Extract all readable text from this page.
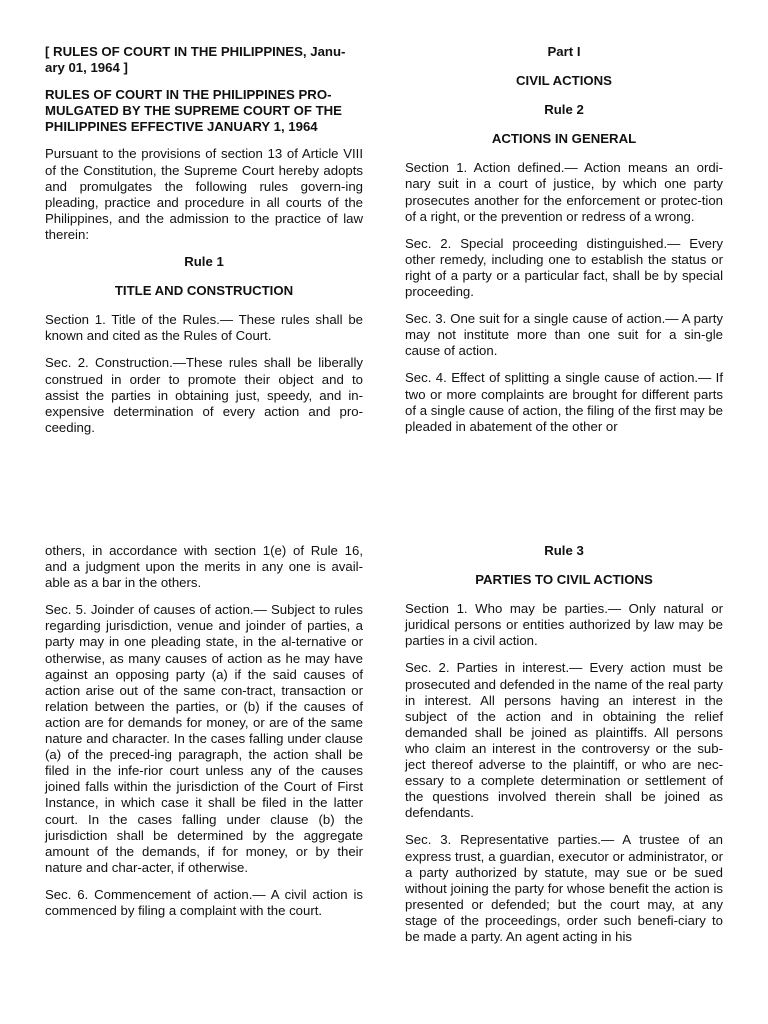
[ RULES OF COURT IN THE PHILIPPINES, Janu-ary 01, 1964 ]

RULES OF COURT IN THE PHILIPPINES PRO-MULGATED BY THE SUPREME COURT OF THE PHILIPPINES EFFECTIVE JANUARY 1, 1964

Pursuant to the provisions of section 13 of Article VIII of the Constitution, the Supreme Court hereby adopts and promulgates the following rules govern-ing pleading, practice and procedure in all courts of the Philippines, and the admission to the practice of law therein:

Rule 1

TITLE AND CONSTRUCTION

Section 1. Title of the Rules.— These rules shall be known and cited as the Rules of Court.

Sec. 2. Construction.—These rules shall be liberally construed in order to promote their object and to assist the parties in obtaining just, speedy, and in-expensive determination of every action and pro-ceeding.

Part I

CIVIL ACTIONS

Rule 2

ACTIONS IN GENERAL

Section 1. Action defined.— Action means an ordi-nary suit in a court of justice, by which one party prosecutes another for the enforcement or protec-tion of a right, or the prevention or redress of a wrong.

Sec. 2. Special proceeding distinguished.— Every other remedy, including one to establish the status or right of a party or a particular fact, shall be by special proceeding.

Sec. 3. One suit for a single cause of action.— A party may not institute more than one suit for a sin-gle cause of action.

Sec. 4. Effect of splitting a single cause of action.— If two or more complaints are brought for different parts of a single cause of action, the filing of the first may be pleaded in abatement of the other or

others, in accordance with section 1(e) of Rule 16, and a judgment upon the merits in any one is avail-able as a bar in the others.

Sec. 5. Joinder of causes of action.— Subject to rules regarding jurisdiction, venue and joinder of parties, a party may in one pleading state, in the al-ternative or otherwise, as many causes of action as he may have against an opposing party (a) if the said causes of action arise out of the same con-tract, transaction or relation between the parties, or (b) if the causes of action are for demands for money, or are of the same nature and character. In the cases falling under clause (a) of the preced-ing paragraph, the action shall be filed in the infe-rior court unless any of the causes joined falls within the jurisdiction of the Court of First Instance, in which case it shall be filed in the latter court. In the cases falling under clause (b) the jurisdiction shall be determined by the aggregate amount of the demands, if for money, or by their nature and char-acter, if otherwise.

Sec. 6. Commencement of action.— A civil action is commenced by filing a complaint with the court.

Rule 3

PARTIES TO CIVIL ACTIONS

Section 1. Who may be parties.— Only natural or juridical persons or entities authorized by law may be parties in a civil action.

Sec. 2. Parties in interest.— Every action must be prosecuted and defended in the name of the real party in interest. All persons having an interest in the subject of the action and in obtaining the relief demanded shall be joined as plaintiffs. All persons who claim an interest in the controversy or the sub-ject thereof adverse to the plaintiff, or who are nec-essary to a complete determination or settlement of the questions involved therein shall be joined as defendants.

Sec. 3. Representative parties.— A trustee of an express trust, a guardian, executor or administrator, or a party authorized by statute, may sue or be sued without joining the party for whose benefit the action is presented or defended; but the court may, at any stage of the proceedings, order such benefi-ciary to be made a party. An agent acting in his
